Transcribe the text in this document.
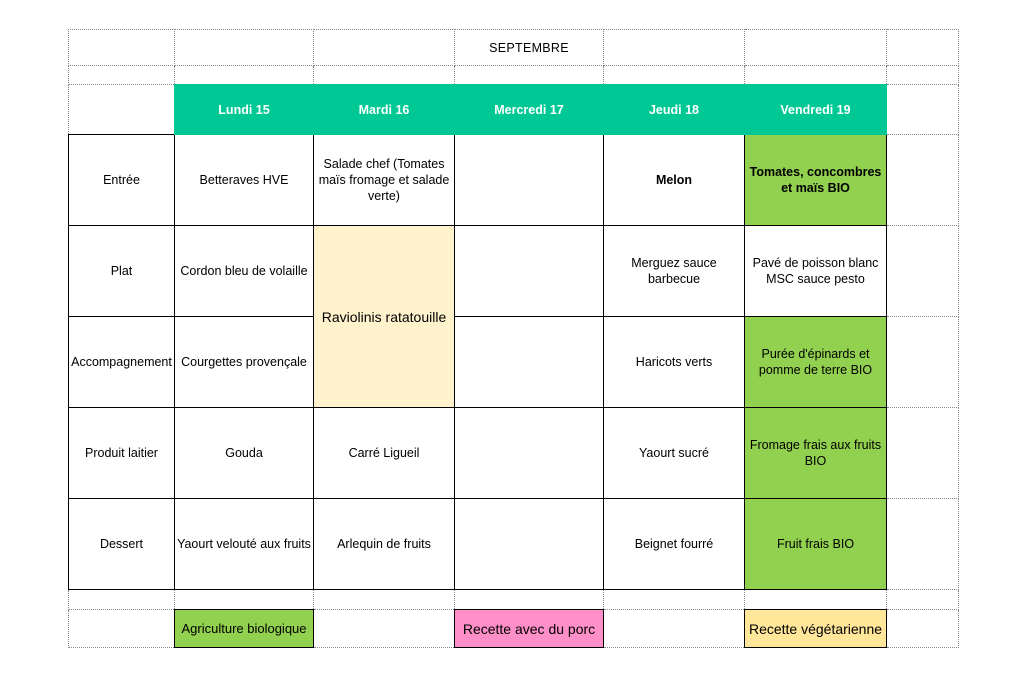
			SEPTEMBRE			

	Lundi 15	Mardi 16	Mercredi 17	Jeudi 18	Vendredi 19	
Entrée	Betteraves HVE	Salade chef (Tomates maïs fromage et salade verte)		Melon	Tomates, concombres et maïs BIO	
Plat	Cordon bleu de volaille	Raviolinis ratatouille		Merguez sauce barbecue	Pavé de poisson blanc MSC sauce pesto	
Accompagnement	Courgettes provençale			Haricots verts	Purée d'épinards et pomme de terre BIO	
Produit laitier	Gouda	Carré Ligueil		Yaourt sucré	Fromage frais aux fruits BIO	
Dessert	Yaourt velouté aux fruits	Arlequin de fruits		Beignet fourré	Fruit frais BIO	

	Agriculture biologique		Recette avec du porc		Recette végétarienne	
